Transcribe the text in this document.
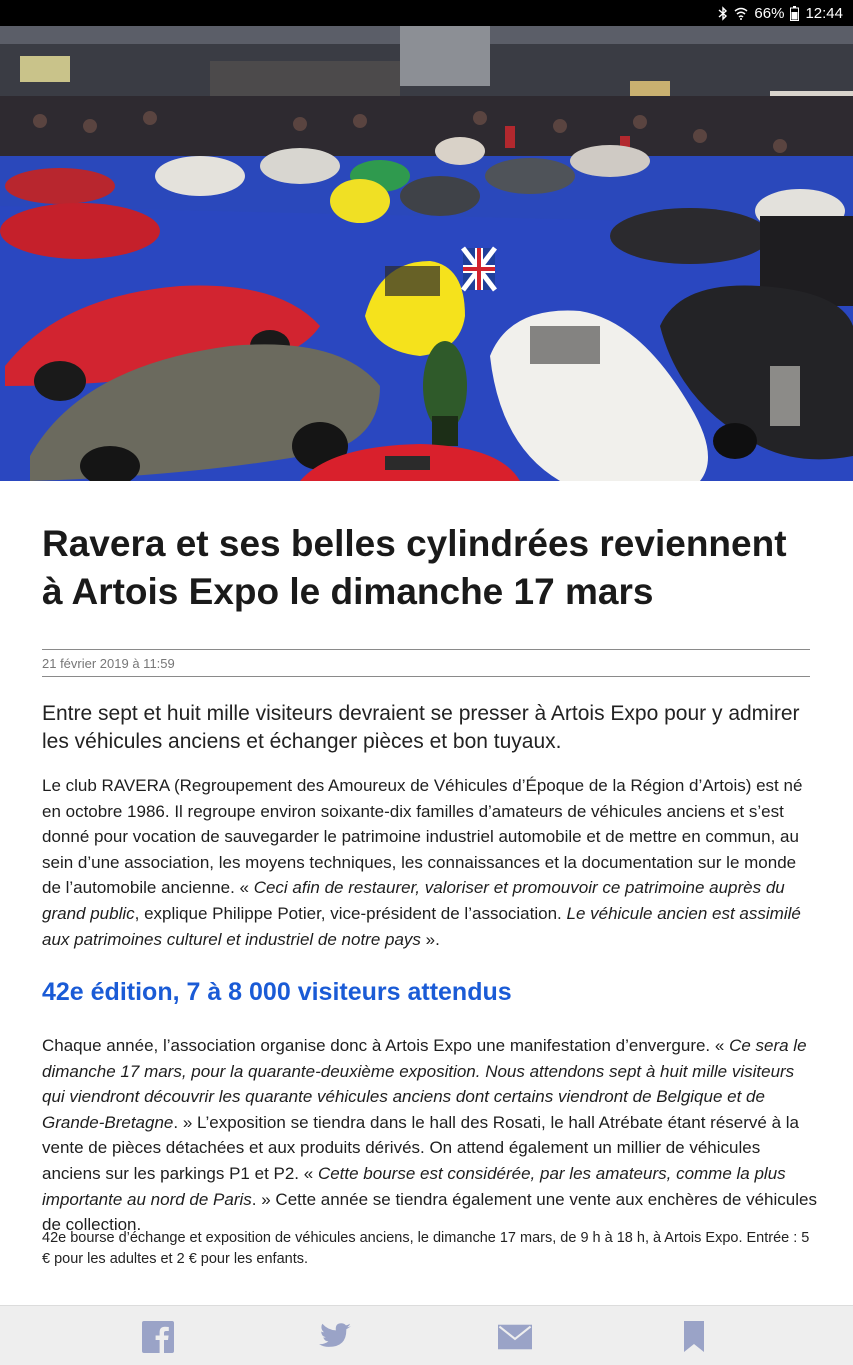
66% 12:44
Ravera et ses belles cylindrées reviennent à Artois Expo le dimanche 17 mars
21 février 2019 à 11:59

Entre sept et huit mille visiteurs devraient se presser à Artois Expo pour y admirer les véhicules anciens et échanger pièces et bon tuyaux.

Le club RAVERA (Regroupement des Amoureux de Véhicules d’Époque de la Région d’Artois) est né en octobre 1986. Il regroupe environ soixante-dix familles d’amateurs de véhicules anciens et s’est donné pour vocation de sauvegarder le patrimoine industriel automobile et de mettre en commun, au sein d’une association, les moyens techniques, les connaissances et la documentation sur le monde de l’automobile ancienne. « Ceci afin de restaurer, valoriser et promouvoir ce patrimoine auprès du grand public, explique Philippe Potier, vice-président de l’association. Le véhicule ancien est assimilé aux patrimoines culturel et industriel de notre pays ».

42e édition, 7 à 8 000 visiteurs attendus

Chaque année, l’association organise donc à Artois Expo une manifestation d’envergure. « Ce sera le dimanche 17 mars, pour la quarante-deuxième exposition. Nous attendons sept à huit mille visiteurs qui viendront découvrir les quarante véhicules anciens dont certains viendront de Belgique et de Grande-Bretagne. » L’exposition se tiendra dans le hall des Rosati, le hall Atrébate étant réservé à la vente de pièces détachées et aux produits dérivés. On attend également un millier de véhicules anciens sur les parkings P1 et P2. « Cette bourse est considérée, par les amateurs, comme la plus importante au nord de Paris. » Cette année se tiendra également une vente aux enchères de véhicules de collection.

42e bourse d’échange et exposition de véhicules anciens, le dimanche 17 mars, de 9 h à 18 h, à Artois Expo. Entrée : 5 € pour les adultes et 2 € pour les enfants.
